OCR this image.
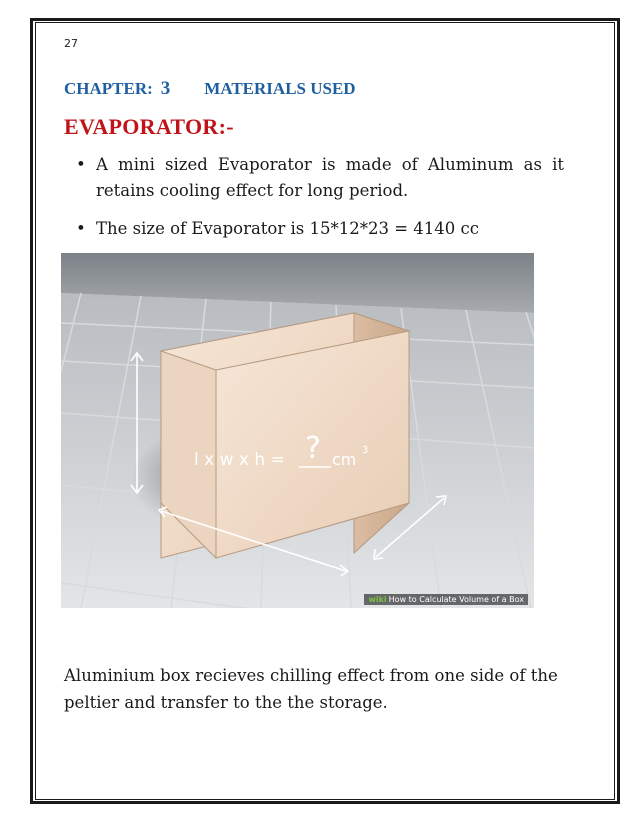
27
CHAPTER: 3 MATERIALS USED
EVAPORATOR:-
• A mini sized Evaporator is made of Aluminum as it retains cooling effect for long period.
• The size of Evaporator is 15*12*23 = 4140 cc
l x w x h = ? cm 3
wiki How to Calculate Volume of a Box
Aluminium box recieves chilling effect from one side of the peltier and transfer to the the storage.
